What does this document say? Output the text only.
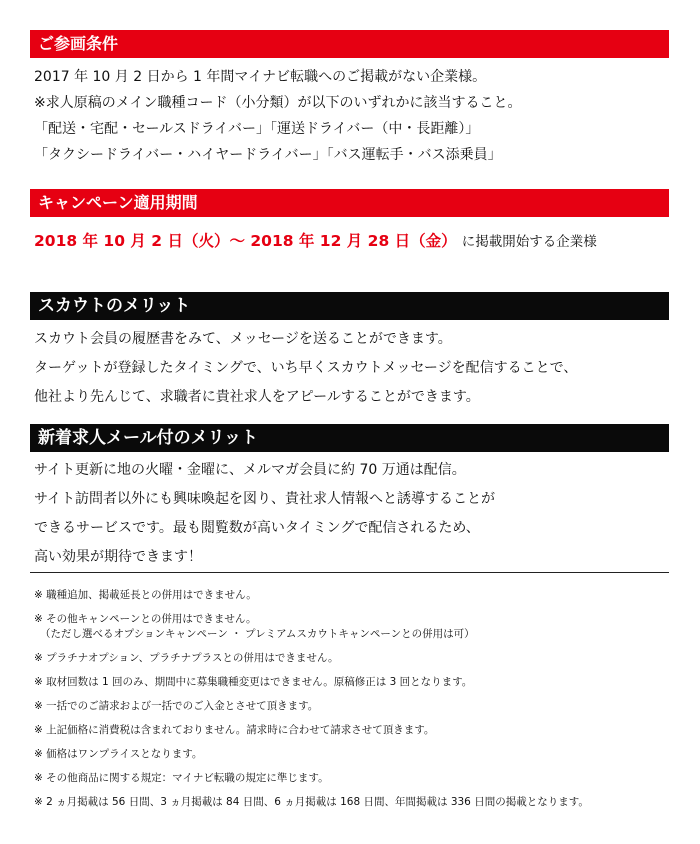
ご参画条件
2017 年 10 月 2 日から 1 年間マイナビ転職へのご掲載がない企業様。
※求人原稿のメイン職種コード（小分類）が以下のいずれかに該当すること。
「配送・宅配・セールスドライバー」「運送ドライバー（中・長距離）」
「タクシードライバー・ハイヤードライバー」「バス運転手・バス添乗員」
キャンペーン適用期間
2018 年 10 月 2 日（火）〜 2018 年 12 月 28 日（金） に掲載開始する企業様
スカウトのメリット
スカウト会員の履歴書をみて、メッセージを送ることができます。
ターゲットが登録したタイミングで、いち早くスカウトメッセージを配信することで、
他社より先んじて、求職者に貴社求人をアピールすることができます。
新着求人メール付のメリット
サイト更新に地の火曜・金曜に、メルマガ会員に約 70 万通は配信。
サイト訪問者以外にも興味喚起を図り、貴社求人情報へと誘導することが
できるサービスです。最も閲覧数が高いタイミングで配信されるため、
高い効果が期待できます！
※ 職種追加、掲載延長との併用はできません。
※ その他キャンペーンとの併用はできません。
（ただし選べるオプションキャンペーン ・ プレミアムスカウトキャンペーンとの併用は可）
※ プラチナオプション、プラチナプラスとの併用はできません。
※ 取材回数は 1 回のみ、期間中に募集職種変更はできません。原稿修正は 3 回となります。
※ 一括でのご請求および一括でのご入金とさせて頂きます。
※ 上記価格に消費税は含まれておりません。請求時に合わせて請求させて頂きます。
※ 価格はワンプライスとなります。
※ その他商品に関する規定：マイナビ転職の規定に準じます。
※ 2 ヵ月掲載は 56 日間、3 ヵ月掲載は 84 日間、6 ヵ月掲載は 168 日間、年間掲載は 336 日間の掲載となります。
